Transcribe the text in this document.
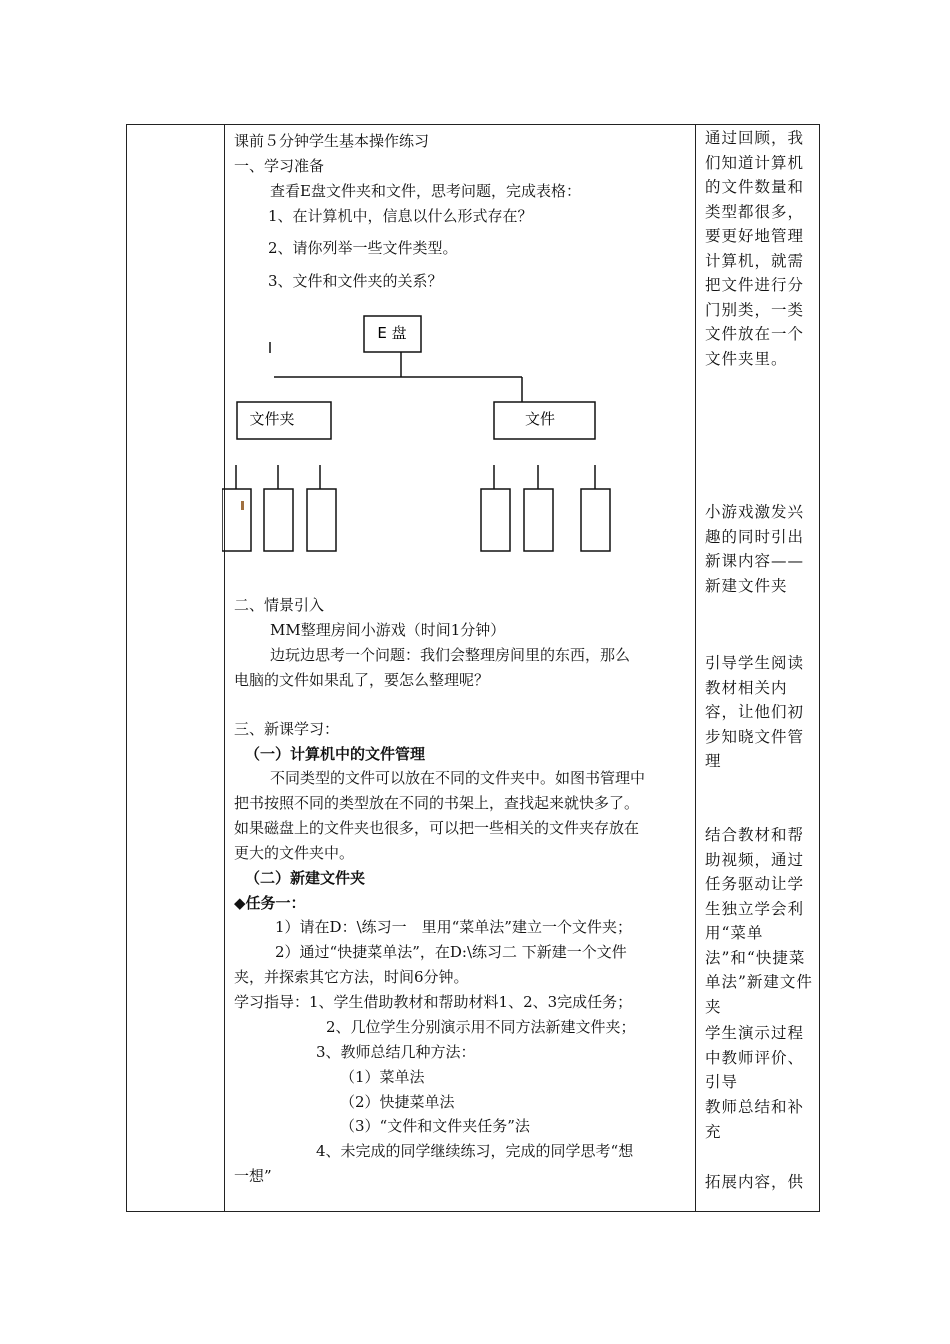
课前５分钟学生基本操作练习
一、学习准备
查看E盘文件夹和文件，思考问题，完成表格：
1、在计算机中，信息以什么形式存在？
2、请你列举一些文件类型。
3、文件和文件夹的关系？
E 盘
文件夹	文件
二、情景引入
MM整理房间小游戏（时间1分钟）
边玩边思考一个问题：我们会整理房间里的东西，那么
电脑的文件如果乱了，要怎么整理呢？
三、新课学习：
（一）计算机中的文件管理
不同类型的文件可以放在不同的文件夹中。如图书管理中
把书按照不同的类型放在不同的书架上，查找起来就快多了。
如果磁盘上的文件夹也很多，可以把一些相关的文件夹存放在
更大的文件夹中。
（二）新建文件夹
◆任务一：
1）请在D：\练习一　里用“菜单法”建立一个文件夹；
2）通过“快捷菜单法”，在D:\练习二 下新建一个文件
夹，并探索其它方法，时间6分钟。
学习指导：1、学生借助教材和帮助材料1、2、3完成任务；
2、几位学生分别演示用不同方法新建文件夹；
3、教师总结几种方法：
（1）菜单法
（2）快捷菜单法
（3）“文件和文件夹任务”法
4、未完成的同学继续练习，完成的同学思考“想
一想”
通过回顾，我们知道计算机的文件数量和类型都很多，要更好地管理计算机，就需把文件进行分门别类，一类文件放在一个文件夹里。
小游戏激发兴趣的同时引出新课内容——新建文件夹
引导学生阅读教材相关内容，让他们初步知晓文件管理
结合教材和帮助视频，通过任务驱动让学生独立学会利用“菜单法”和“快捷菜单法”新建文件夹
学生演示过程中教师评价、引导
教师总结和补充
拓展内容，供
